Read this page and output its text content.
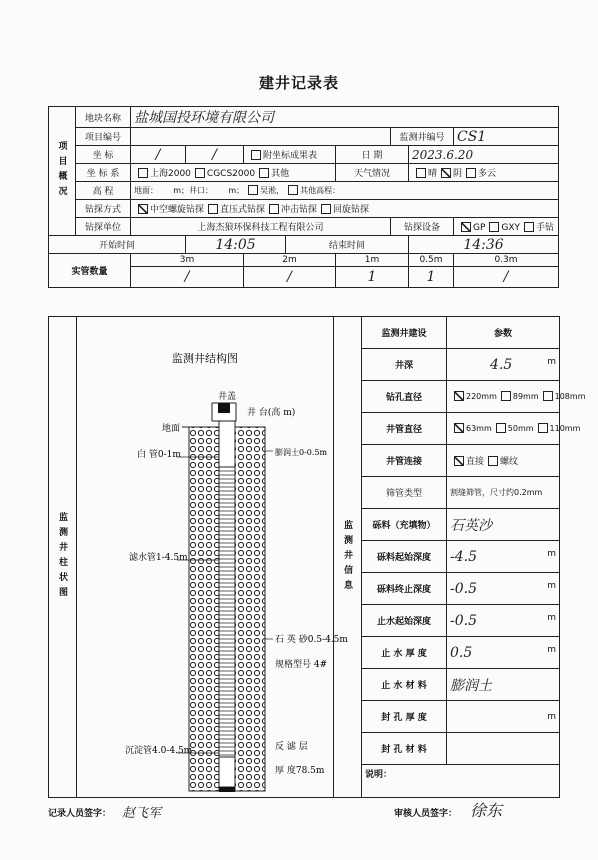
建井记录表
项目概况	地块名称	盐城国投环境有限公司							
	项目编号						监测井编号		CS1
	坐 标	/	/	附坐标成果表		日 期		2023.6.20	
	坐 标 系	上海2000 CGCS2000 其他				天气情况		晴 阴 多云	
	高 程	地面： m；井口： m； 吴淞， 其他高程：							
	钻探方式	中空螺旋钻探 直压式钻探 冲击钻探 回旋钻探							
	钻探单位	上海杰狼环保科技工程有限公司					钻探设备		GP GXY 手钻
开始时间			14:05		结束时间			14:36	
实管数量		3m		2m		1m		0.5m	0.3m
		/		/		1		1	/
监测井柱状图
监测井结构图
井盖
井 台(高 m)
地面
白 管0-1m	膨润土0-0.5m
滤水管1-4.5m
石 英 砂0.5-4.5m
规格型号 4#
沉淀管4.0-4.5m	反 滤 层
厚 度78.5m
监测井信息
监测井建设	参数
井深	4.5 m

钻孔直径	220mm 89mm 108mm
井管直径	63mm 50mm 110mm
井管连接	直接 螺纹
筛管类型	割缝筛管，尺寸约0.2mm
砾料（充填物）	石英沙
砾料起始深度	-4.5 m

砾料终止深度	-0.5 m

止水起始深度	-0.5 m

止 水 厚 度	0.5 m

止 水 材 料	膨润土
封 孔 厚 度	m

封 孔 材 料	
说明：	
记录人员签字： 赵飞军	审核人员签字： 徐东
